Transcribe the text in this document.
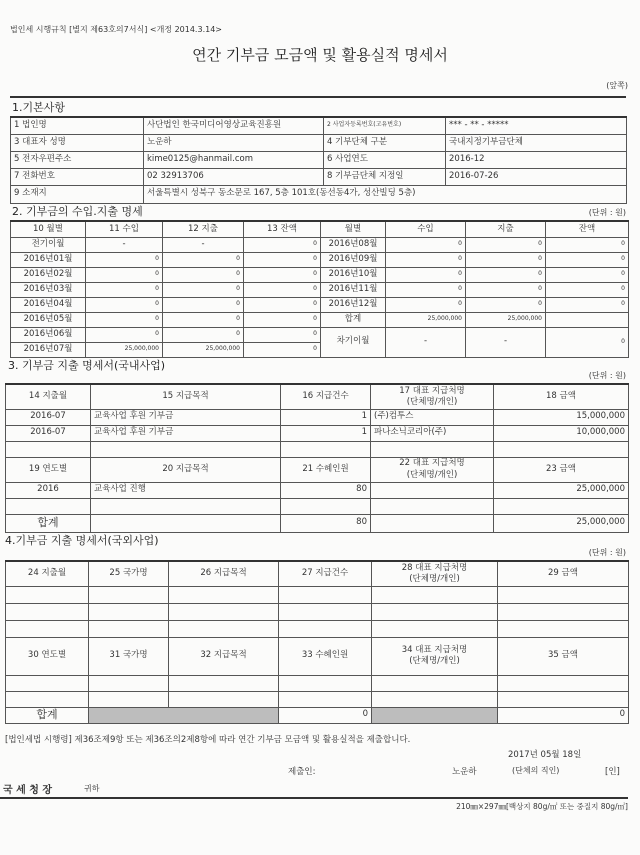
법인세 시행규칙 [별지 제63호의7서식] <개정 2014.3.14>
연간 기부금 모금액 및 활용실적 명세서
(앞쪽)
1.기본사항
1 법인명	사단법인 한국미디어영상교육진흥원	2 사업자등록번호(고유번호)	*** - ** - *****
3 대표자 성명	노운하	4 기부단체 구분	국내지정기부금단체
5 전자우편주소	kime0125@hanmail.com	6 사업연도	2016-12
7 전화번호	02 32913706	8 기부금단체 지정일	2016-07-26
9 소재지	서울특별시 성북구 동소문로 167, 5층 101호(동선동4가, 성산빌딩 5층)		
2. 기부금의 수입.지출 명세	(단위 : 원)
10 월별	11 수입	12 지출	13 잔액	월별	수입	지출	잔액
전기이월	-	-	0	2016년08월	0	0	0
2016년01월	0	0	0	2016년09월	0	0	0
2016년02월	0	0	0	2016년10월	0	0	0
2016년03월	0	0	0	2016년11월	0	0	0
2016년04월	0	0	0	2016년12월	0	0	0
2016년05월	0	0	0	합계	25,000,000	25,000,000	
2016년06월	0	0	0	차기이월	-	-	0
2016년07월	25,000,000	25,000,000	0				
3. 기부금 지출 명세서(국내사업)
(단위 : 원)
14 지출월	15 지급목적	16 지급건수	17 대표 지급처명
(단체명/개인)	18 금액
2016-07	교육사업 후원 기부금	1	(주)컴투스	15,000,000
2016-07	교육사업 후원 기부금	1	파나소닉코리아(주)	10,000,000

19 연도별	20 지급목적	21 수혜인원	22 대표 지급처명
(단체명/개인)	23 금액
2016	교육사업 진행	80		25,000,000

합계		80		25,000,000
4.기부금 지출 명세서(국외사업)
(단위 : 원)
24 지출월	25 국가명	26 지급목적	27 지급건수	28 대표 지급처명
(단체명/개인)	29 금액

30 연도별	31 국가명	32 지급목적	33 수혜인원	34 대표 지급처명
(단체명/개인)	35 금액

합계			0		0
[법인세법 시행령] 제36조제9항 또는 제36조의2제8항에 따라 연간 기부금 모금액 및 활용실적을 제출합니다.
2017년 05월 18일
제출인:	노운하	(단체의 직인)	[인]
국 세 청 장	귀하
210㎜×297㎜[백상지 80g/㎡ 또는 중질지 80g/㎡]
